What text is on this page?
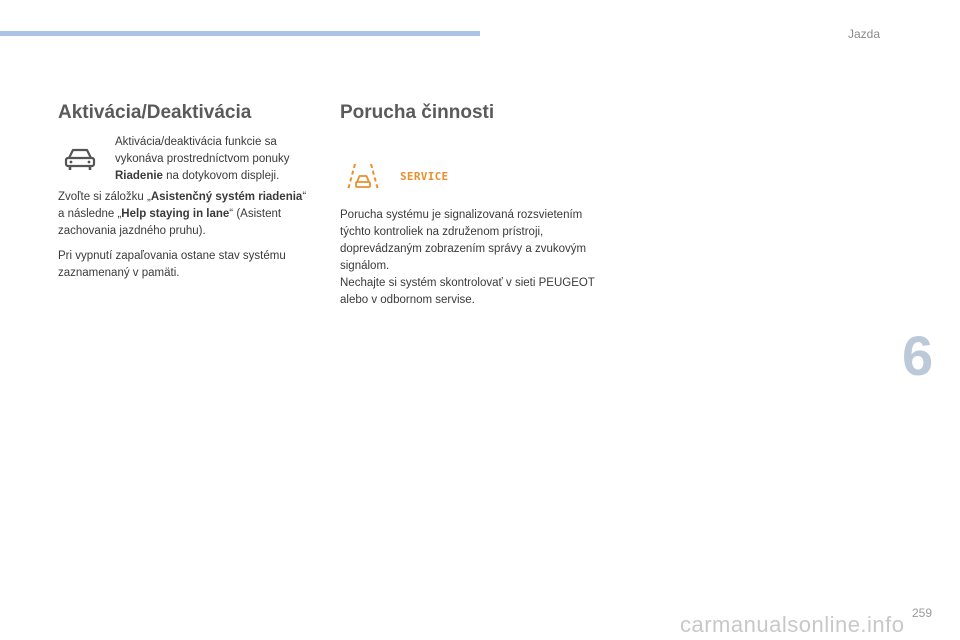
Jazda
6
259
carmanualsonline.info
Aktivácia/Deaktivácia

Aktivácia/deaktivácia funkcie sa vykonáva prostredníctvom ponuky Riadenie na dotykovom displeji.

Zvoľte si záložku „Asistenčný systém riadenia“ a následne „Help staying in lane“ (Asistent zachovania jazdného pruhu).

Pri vypnutí zapaľovania ostane stav systému zaznamenaný v pamäti.

Porucha činnosti
SERVICE

Porucha systému je signalizovaná rozsvietením týchto kontroliek na združenom prístroji, doprevádzaným zobrazením správy a zvukovým signálom.
Nechajte si systém skontrolovať v sieti PEUGEOT alebo v odbornom servise.
